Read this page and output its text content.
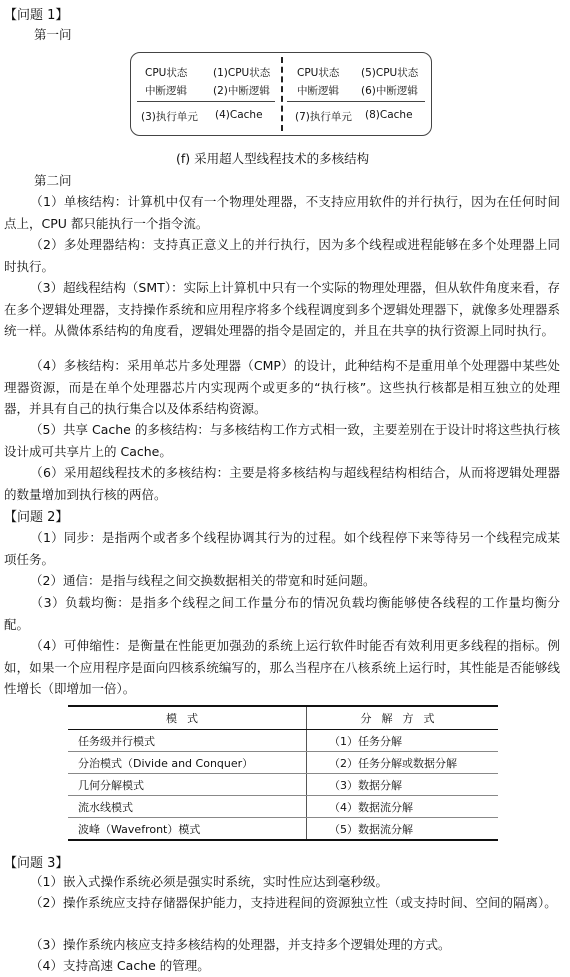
【问题 1】
第一问
CPU状态 (1)CPU状态
中断逻辑 (2)中断逻辑
(3)执行单元 (4)Cache
CPU状态 (5)CPU状态
中断逻辑 (6)中断逻辑
(7)执行单元 (8)Cache
(f) 采用超人型线程技术的多核结构
第二问
（1）单核结构：计算机中仅有一个物理处理器，不支持应用软件的并行执行，因为在任何时间点上，CPU 都只能执行一个指令流。
（2）多处理器结构：支持真正意义上的并行执行，因为多个线程或进程能够在多个处理器上同时执行。
（3）超线程结构（SMT）：实际上计算机中只有一个实际的物理处理器，但从软件角度来看，存在多个逻辑处理器，支持操作系统和应用程序将多个线程调度到多个逻辑处理器下，就像多处理器系统一样。从微体系结构的角度看，逻辑处理器的指令是固定的，并且在共享的执行资源上同时执行。
（4）多核结构：采用单芯片多处理器（CMP）的设计，此种结构不是重用单个处理器中某些处理器资源，而是在单个处理器芯片内实现两个或更多的“执行核”。这些执行核都是相互独立的处理器，并具有自己的执行集合以及体系结构资源。
（5）共享 Cache 的多核结构：与多核结构工作方式相一致，主要差别在于设计时将这些执行核设计成可共享片上的 Cache。
（6）采用超线程技术的多核结构：主要是将多核结构与超线程结构相结合，从而将逻辑处理器的数量增加到执行核的两倍。
【问题 2】
（1）同步：是指两个或者多个线程协调其行为的过程。如个线程停下来等待另一个线程完成某项任务。
（2）通信：是指与线程之间交换数据相关的带宽和时延问题。
（3）负载均衡：是指多个线程之间工作量分布的情况负载均衡能够使各线程的工作量均衡分配。
（4）可伸缩性：是衡量在性能更加强劲的系统上运行软件时能否有效利用更多线程的指标。例如，如果一个应用程序是面向四核系统编写的，那么当程序在八核系统上运行时，其性能是否能够线性增长（即增加一倍）。
模式	分解方式
任务级并行模式	（1）任务分解
分治模式（Divide and Conquer）	（2）任务分解或数据分解
几何分解模式	（3）数据分解
流水线模式	（4）数据流分解
波峰（Wavefront）模式	（5）数据流分解
【问题 3】
（1）嵌入式操作系统必须是强实时系统，实时性应达到毫秒级。
（2）操作系统应支持存储器保护能力，支持进程间的资源独立性（或支持时间、空间的隔离）。
（3）操作系统内核应支持多核结构的处理器，并支持多个逻辑处理的方式。
（4）支持高速 Cache 的管理。
